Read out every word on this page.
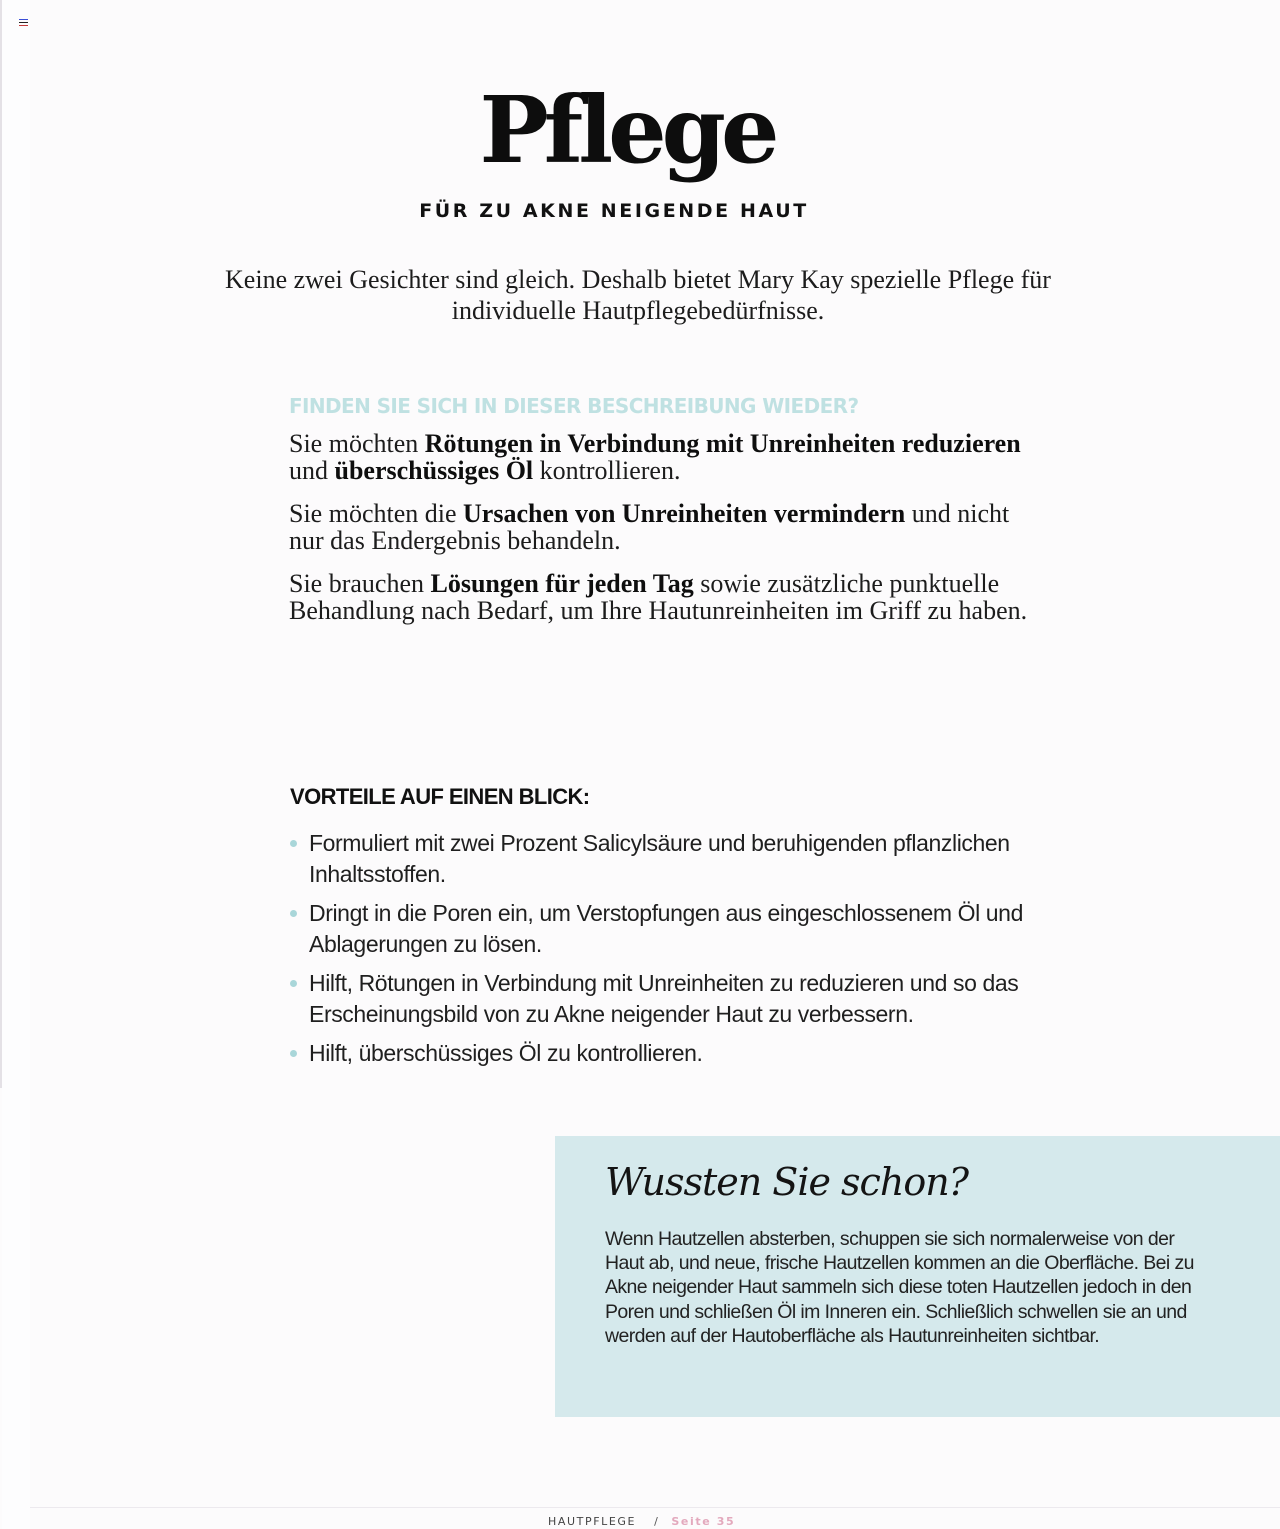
Pflege
FÜR ZU AKNE NEIGENDE HAUT
Keine zwei Gesichter sind gleich. Deshalb bietet Mary Kay spezielle Pflege für individuelle Hautpflegebedürfnisse.
FINDEN SIE SICH IN DIESER BESCHREIBUNG WIEDER?

Sie möchten Rötungen in Verbindung mit Unreinheiten reduzieren und überschüssiges Öl kontrollieren.

Sie möchten die Ursachen von Unreinheiten vermindern und nicht nur das Endergebnis behandeln.

Sie brauchen Lösungen für jeden Tag sowie zusätzliche punktuelle Behandlung nach Bedarf, um Ihre Hautunreinheiten im Griff zu haben.

VORTEILE AUF EINEN BLICK:
Formuliert mit zwei Prozent Salicylsäure und beruhigenden pflanzlichen Inhaltsstoffen.
Dringt in die Poren ein, um Verstopfungen aus eingeschlossenem Öl und Ablagerungen zu lösen.
Hilft, Rötungen in Verbindung mit Unreinheiten zu reduzieren und so das Erscheinungsbild von zu Akne neigender Haut zu verbessern.
Hilft, überschüssiges Öl zu kontrollieren.
Wussten Sie schon?
Wenn Hautzellen absterben, schuppen sie sich normalerweise von der Haut ab, und neue, frische Hautzellen kommen an die Oberfläche. Bei zu Akne neigender Haut sammeln sich diese toten Hautzellen jedoch in den Poren und schließen Öl im Inneren ein. Schließlich schwellen sie an und werden auf der Hautoberfläche als Hautunreinheiten sichtbar.
HAUTPFLEGE / Seite 35
